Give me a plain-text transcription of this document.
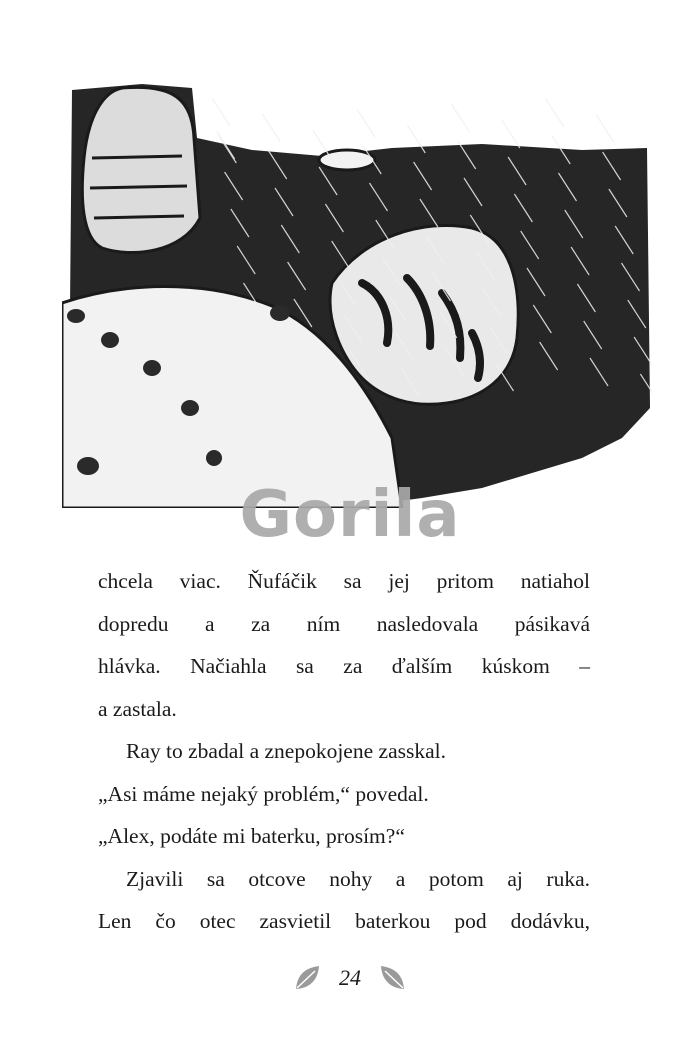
Gorila
chcela viac. Ňufáčik sa jej pritom natiahol
dopredu a za ním nasledovala pásikavá
hlávka. Načiahla sa za ďalším kúskom –
a zastala.
Ray to zbadal a znepokojene zasskal.
„Asi máme nejaký problém,“ povedal.
„Alex, podáte mi baterku, prosím?“
Zjavili sa otcove nohy a potom aj ruka.
Len čo otec zasvietil baterkou pod dodávku,
24
